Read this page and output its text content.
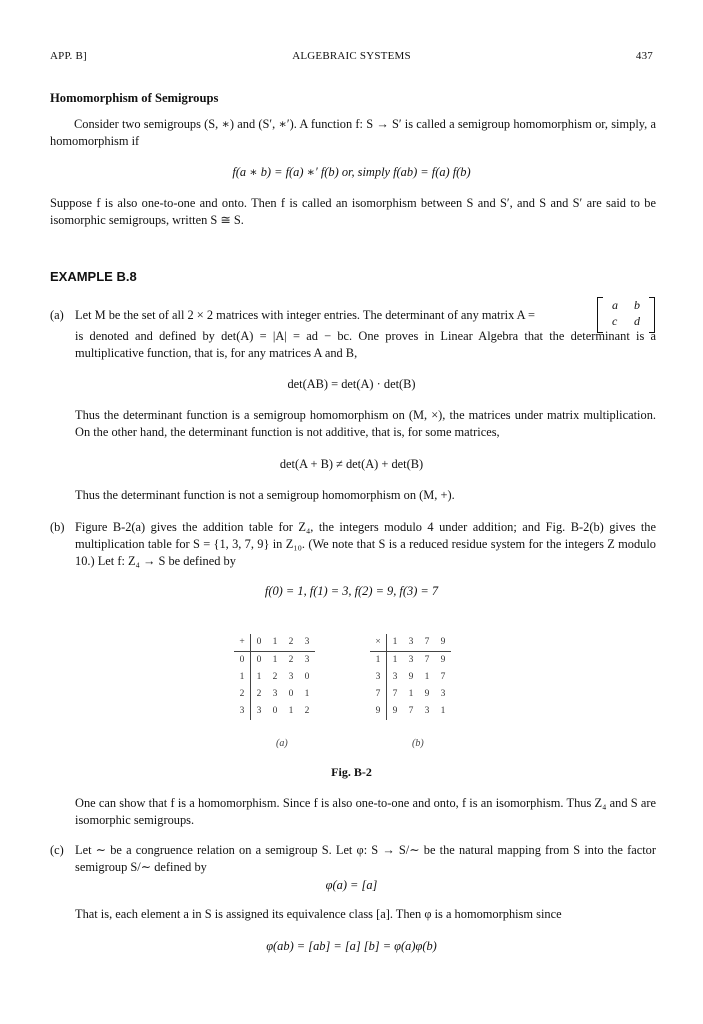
APP. B]	ALGEBRAIC SYSTEMS	437
Homomorphism of Semigroups
Consider two semigroups (S, ∗) and (S′, ∗′). A function f: S → S′ is called a semigroup homomorphism or, simply, a homomorphism if
f(a ∗ b) = f(a) ∗′ f(b) or, simply f(ab) = f(a) f(b)
Suppose f is also one-to-one and onto. Then f is called an isomorphism between S and S′, and S and S′ are said to be isomorphic semigroups, written S ≅ S.
EXAMPLE B.8
(a) Let M be the set of all 2 × 2 matrices with integer entries. The determinant of any matrix A =
a b
c d
is denoted and defined by det(A) = |A| = ad − bc. One proves in Linear Algebra that the determinant is a multiplicative function, that is, for any matrices A and B,
det(AB) = det(A) · det(B)
Thus the determinant function is a semigroup homomorphism on (M, ×), the matrices under matrix multiplication. On the other hand, the determinant function is not additive, that is, for some matrices,
det(A + B) ≠ det(A) + det(B)
Thus the determinant function is not a semigroup homomorphism on (M, +).
(b) Figure B-2(a) gives the addition table for Z₄, the integers modulo 4 under addition; and Fig. B-2(b) gives the multiplication table for S = {1, 3, 7, 9} in Z₁₀. (We note that S is a reduced residue system for the integers Z modulo 10.) Let f: Z₄ → S be defined by
f(0) = 1, f(1) = 3, f(2) = 9, f(3) = 7
+	0	1	2	3
0	0	1	2	3
1	1	2	3	0
2	2	3	0	1
3	3	0	1	2
(a)
×	1	3	7	9
1	1	3	7	9
3	3	9	1	7
7	7	1	9	3
9	9	7	3	1
(b)
Fig. B-2
One can show that f is a homomorphism. Since f is also one-to-one and onto, f is an isomorphism. Thus Z₄ and S are isomorphic semigroups.
(c) Let ∼ be a congruence relation on a semigroup S. Let φ: S → S/∼ be the natural mapping from S into the factor semigroup S/∼ defined by
φ(a) = [a]
That is, each element a in S is assigned its equivalence class [a]. Then φ is a homomorphism since
φ(ab) = [ab] = [a] [b] = φ(a)φ(b)
